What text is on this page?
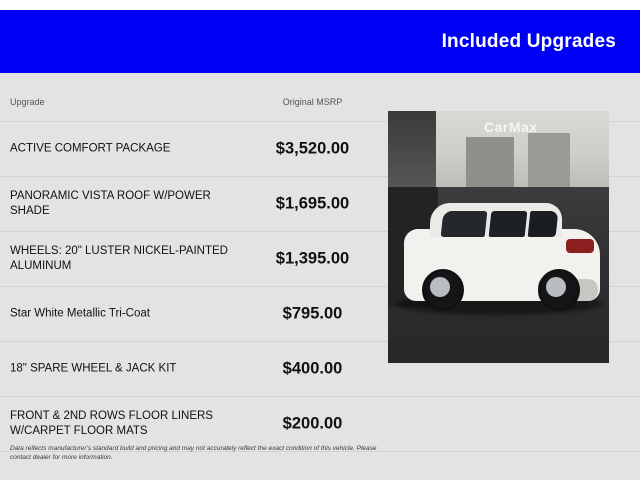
Included Upgrades
Upgrade	Original MSRP
ACTIVE COMFORT PACKAGE	$3,520.00
PANORAMIC VISTA ROOF W/POWER SHADE	$1,695.00
WHEELS: 20" LUSTER NICKEL-PAINTED ALUMINUM	$1,395.00
Star White Metallic Tri-Coat	$795.00
18" SPARE WHEEL & JACK KIT	$400.00
FRONT & 2ND ROWS FLOOR LINERS W/CARPET FLOOR MATS	$200.00
Data reflects manufacturer's standard build and pricing and may not accurately reflect the exact condition of this vehicle. Please contact dealer for more information.
CarMax
